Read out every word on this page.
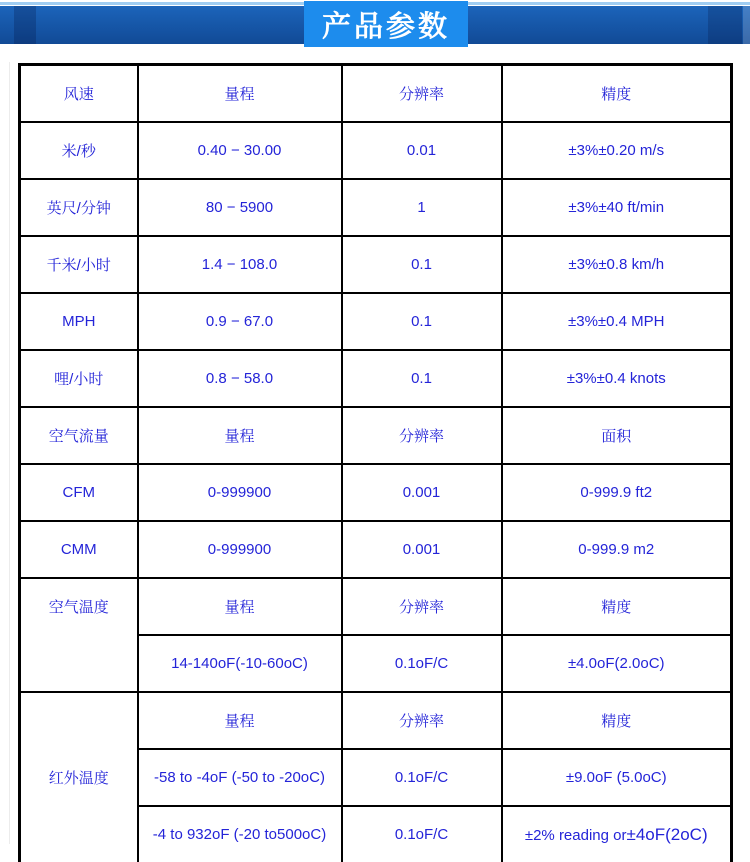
产品参数
风速	量程	分辨率	精度
米/秒	0.40 − 30.00	0.01	±3%±0.20 m/s
英尺/分钟	80 − 5900	1	±3%±40 ft/min
千米/小时	1.4 − 108.0	0.1	±3%±0.8 km/h
MPH	0.9 − 67.0	0.1	±3%±0.4 MPH
哩/小时	0.8 − 58.0	0.1	±3%±0.4 knots
空气流量	量程	分辨率	面积
CFM	0-999900	0.001	0-999.9 ft2
CMM	0-999900	0.001	0-999.9 m2
空气温度	量程	分辨率	精度
	14-140oF(-10-60oC)	0.1oF/C	±4.0oF(2.0oC)
红外温度	量程	分辨率	精度
	-58 to -4oF (-50 to -20oC)	0.1oF/C	±9.0oF (5.0oC)
	-4 to 932oF (-20 to500oC)	0.1oF/C	±2% reading or±4oF(2oC)
